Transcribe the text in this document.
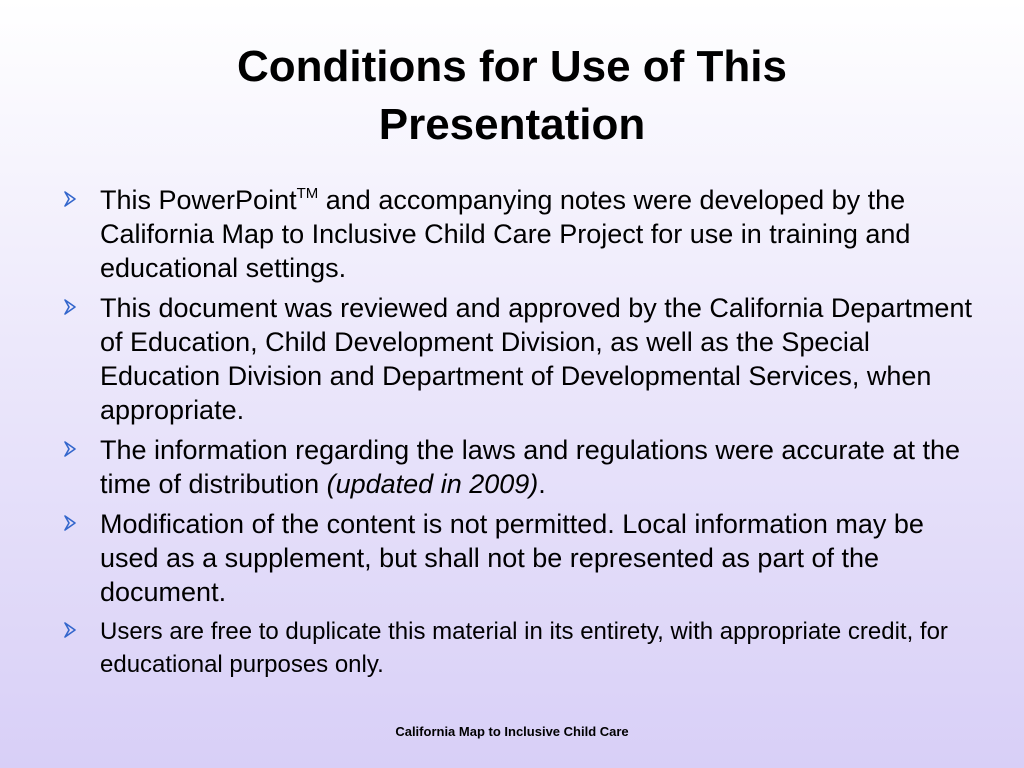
Conditions for Use of This Presentation
This PowerPoint™ and accompanying notes were developed by the California Map to Inclusive Child Care Project for use in training and educational settings.
This document was reviewed and approved by the California Department of Education, Child Development Division, as well as the Special Education Division and Department of Developmental Services, when appropriate.
The information regarding the laws and regulations were accurate at the time of distribution (updated in 2009).
Modification of the content is not permitted. Local information may be used as a supplement, but shall not be represented as part of the document.
Users are free to duplicate this material in its entirety, with appropriate credit, for educational purposes only.
California Map to Inclusive Child Care
